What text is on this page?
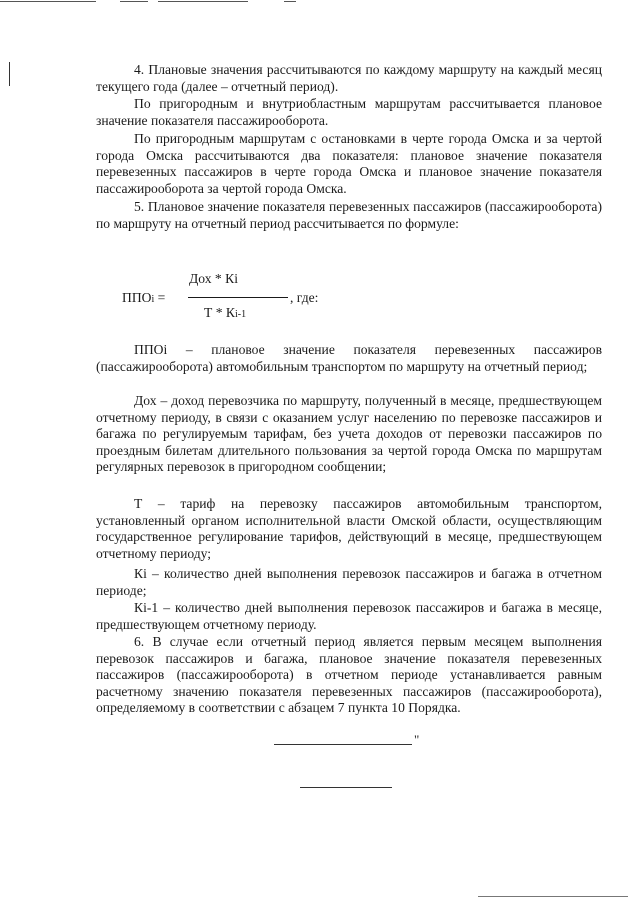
4. Плановые значения рассчитываются по каждому маршруту на каждый месяц текущего года (далее – отчетный период).
По пригородным и внутриобластным маршрутам рассчитывается плановое значение показателя пассажирооборота.
По пригородным маршрутам с остановками в черте города Омска и за чертой города Омска рассчитываются два показателя: плановое значение показателя перевезенных пассажиров в черте города Омска и плановое значение показателя пассажирооборота за чертой города Омска.
5. Плановое значение показателя перевезенных пассажиров (пассажирооборота) по маршруту на отчетный период рассчитывается по формуле:
ППОi =
Дох * Кi
, где:
Т * Кi-1
ППОi – плановое значение показателя перевезенных пассажиров (пассажирооборота) автомобильным транспортом по маршруту на отчетный период;
Дох – доход перевозчика по маршруту, полученный в месяце, предшествующем отчетному периоду, в связи с оказанием услуг населению по перевозке пассажиров и багажа по регулируемым тарифам, без учета доходов от перевозки пассажиров по проездным билетам длительного пользования за чертой города Омска по маршрутам регулярных перевозок в пригородном сообщении;
Т – тариф на перевозку пассажиров автомобильным транспортом, установленный органом исполнительной власти Омской области, осуществляющим государственное регулирование тарифов, действующий в месяце, предшествующем отчетному периоду;
Кi – количество дней выполнения перевозок пассажиров и багажа в отчетном периоде;
Кi-1 – количество дней выполнения перевозок пассажиров и багажа в месяце, предшествующем отчетному периоду.
6. В случае если отчетный период является первым месяцем выполнения перевозок пассажиров и багажа, плановое значение показателя перевезенных пассажиров (пассажирооборота) в отчетном периоде устанавливается равным расчетному значению показателя перевезенных пассажиров (пассажирооборота), определяемому в соответствии с абзацем 7 пункта 10 Порядка.
"
